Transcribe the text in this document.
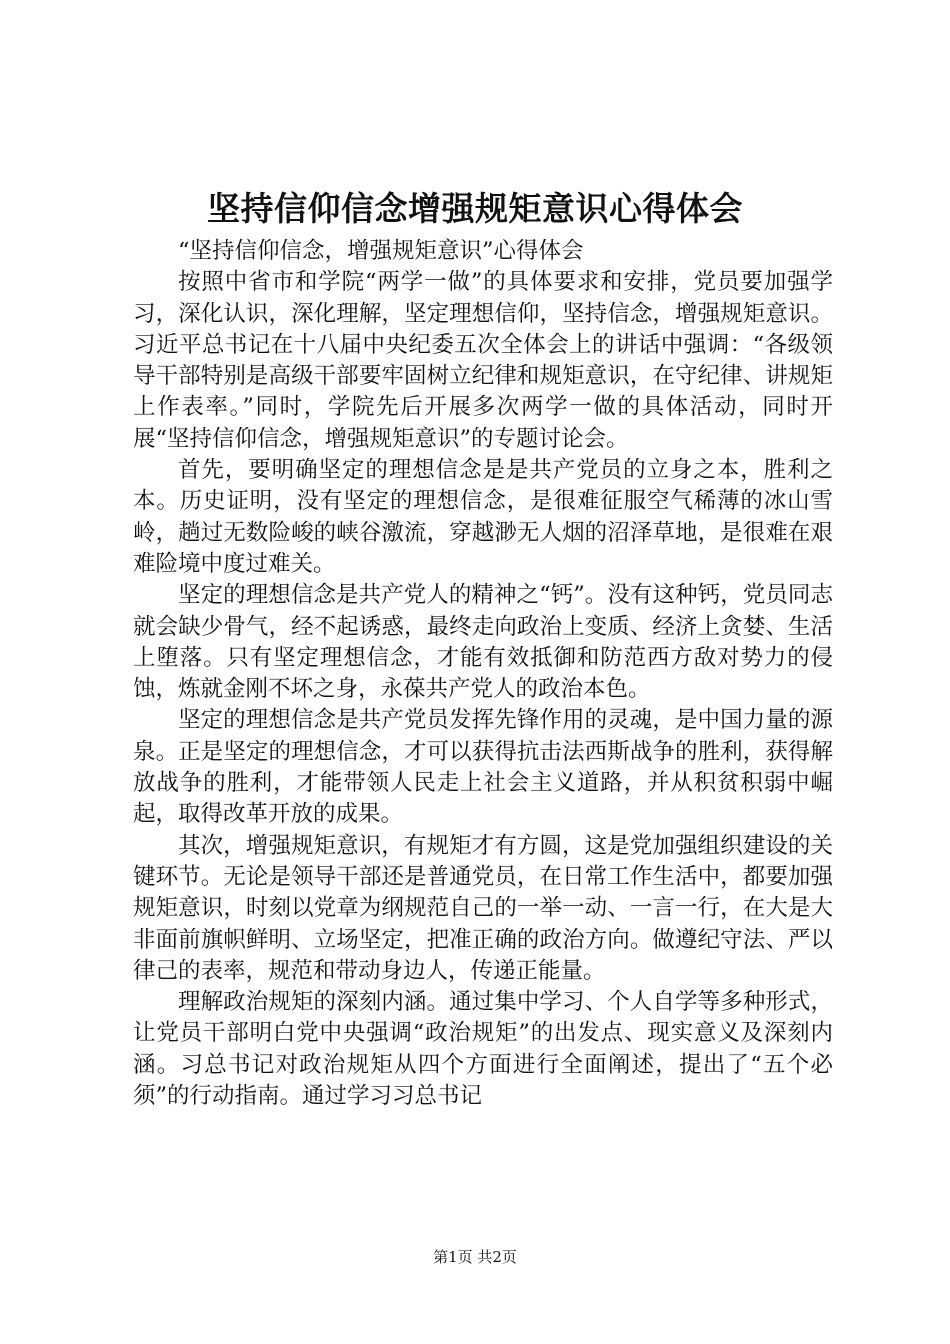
坚持信仰信念增强规矩意识心得体会

“坚持信仰信念，增强规矩意识”心得体会

按照中省市和学院“两学一做”的具体要求和安排，党员要加强学习，深化认识，深化理解，坚定理想信仰，坚持信念，增强规矩意识。习近平总书记在十八届中央纪委五次全体会上的讲话中强调：“各级领导干部特别是高级干部要牢固树立纪律和规矩意识，在守纪律、讲规矩上作表率。”同时，学院先后开展多次两学一做的具体活动，同时开展“坚持信仰信念，增强规矩意识”的专题讨论会。

首先，要明确坚定的理想信念是是共产党员的立身之本，胜利之本。历史证明，没有坚定的理想信念，是很难征服空气稀薄的冰山雪岭，趟过无数险峻的峡谷激流，穿越渺无人烟的沼泽草地，是很难在艰难险境中度过难关。

坚定的理想信念是共产党人的精神之“钙”。没有这种钙，党员同志就会缺少骨气，经不起诱惑，最终走向政治上变质、经济上贪婪、生活上堕落。只有坚定理想信念，才能有效抵御和防范西方敌对势力的侵蚀，炼就金刚不坏之身，永葆共产党人的政治本色。

坚定的理想信念是共产党员发挥先锋作用的灵魂，是中国力量的源泉。正是坚定的理想信念，才可以获得抗击法西斯战争的胜利，获得解放战争的胜利，才能带领人民走上社会主义道路，并从积贫积弱中崛起，取得改革开放的成果。

其次，增强规矩意识，有规矩才有方圆，这是党加强组织建设的关键环节。无论是领导干部还是普通党员，在日常工作生活中，都要加强规矩意识，时刻以党章为纲规范自己的一举一动、一言一行，在大是大非面前旗帜鲜明、立场坚定，把准正确的政治方向。做遵纪守法、严以律己的表率，规范和带动身边人，传递正能量。

理解政治规矩的深刻内涵。通过集中学习、个人自学等多种形式，让党员干部明白党中央强调“政治规矩”的出发点、现实意义及深刻内涵。习总书记对政治规矩从四个方面进行全面阐述，提出了“五个必须”的行动指南。通过学习习总书记

第1页 共2页
